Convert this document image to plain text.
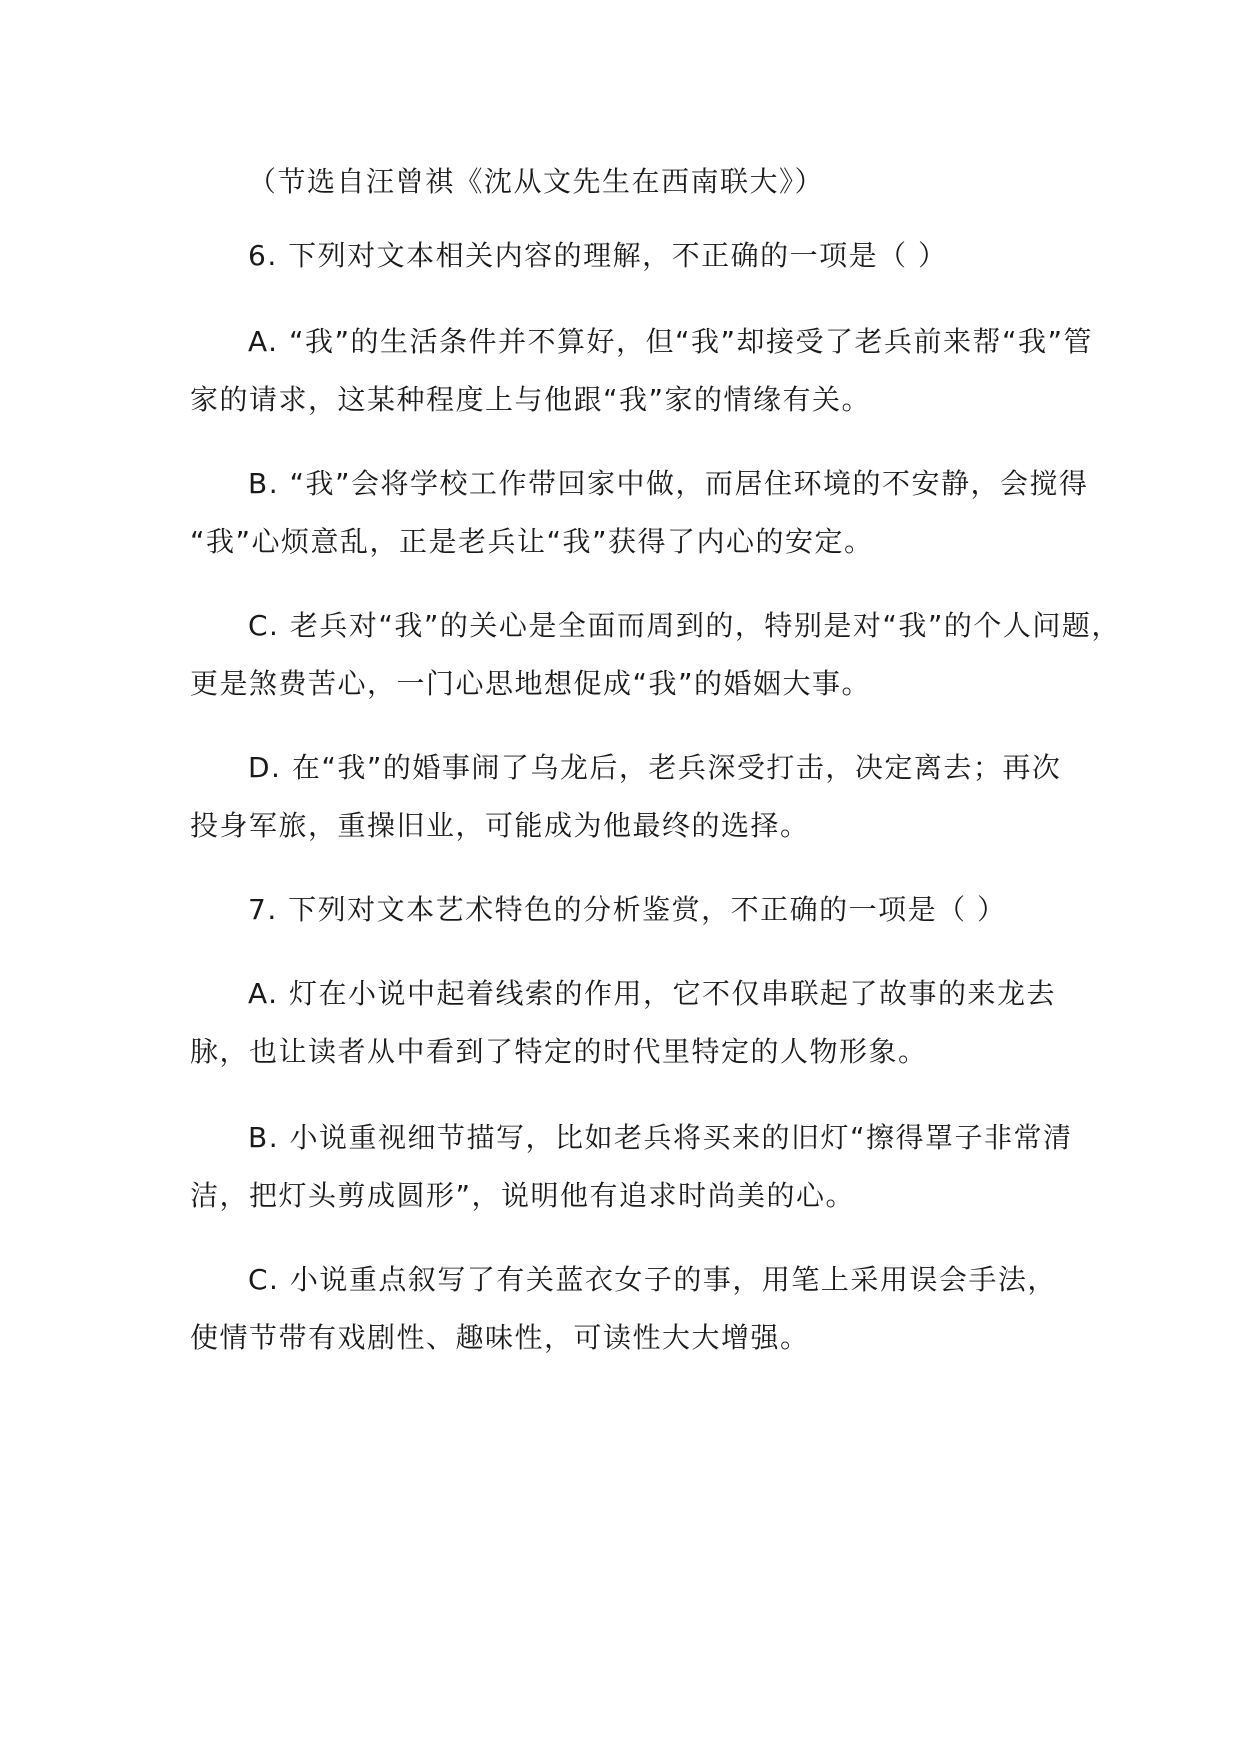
（节选自汪曾祺《沈从文先生在西南联大》）
6. 下列对文本相关内容的理解，不正确的一项是（ ）
A. “我”的生活条件并不算好，但“我”却接受了老兵前来帮“我”管
家的请求，这某种程度上与他跟“我”家的情缘有关。
B. “我”会将学校工作带回家中做，而居住环境的不安静，会搅得
“我”心烦意乱，正是老兵让“我”获得了内心的安定。
C. 老兵对“我”的关心是全面而周到的，特别是对“我”的个人问题，
更是煞费苦心，一门心思地想促成“我”的婚姻大事。
D. 在“我”的婚事闹了乌龙后，老兵深受打击，决定离去；再次
投身军旅，重操旧业，可能成为他最终的选择。
7. 下列对文本艺术特色的分析鉴赏，不正确的一项是（ ）
A. 灯在小说中起着线索的作用，它不仅串联起了故事的来龙去
脉，也让读者从中看到了特定的时代里特定的人物形象。
B. 小说重视细节描写，比如老兵将买来的旧灯“擦得罩子非常清
洁，把灯头剪成圆形”，说明他有追求时尚美的心。
C. 小说重点叙写了有关蓝衣女子的事，用笔上采用误会手法，
使情节带有戏剧性、趣味性，可读性大大增强。
